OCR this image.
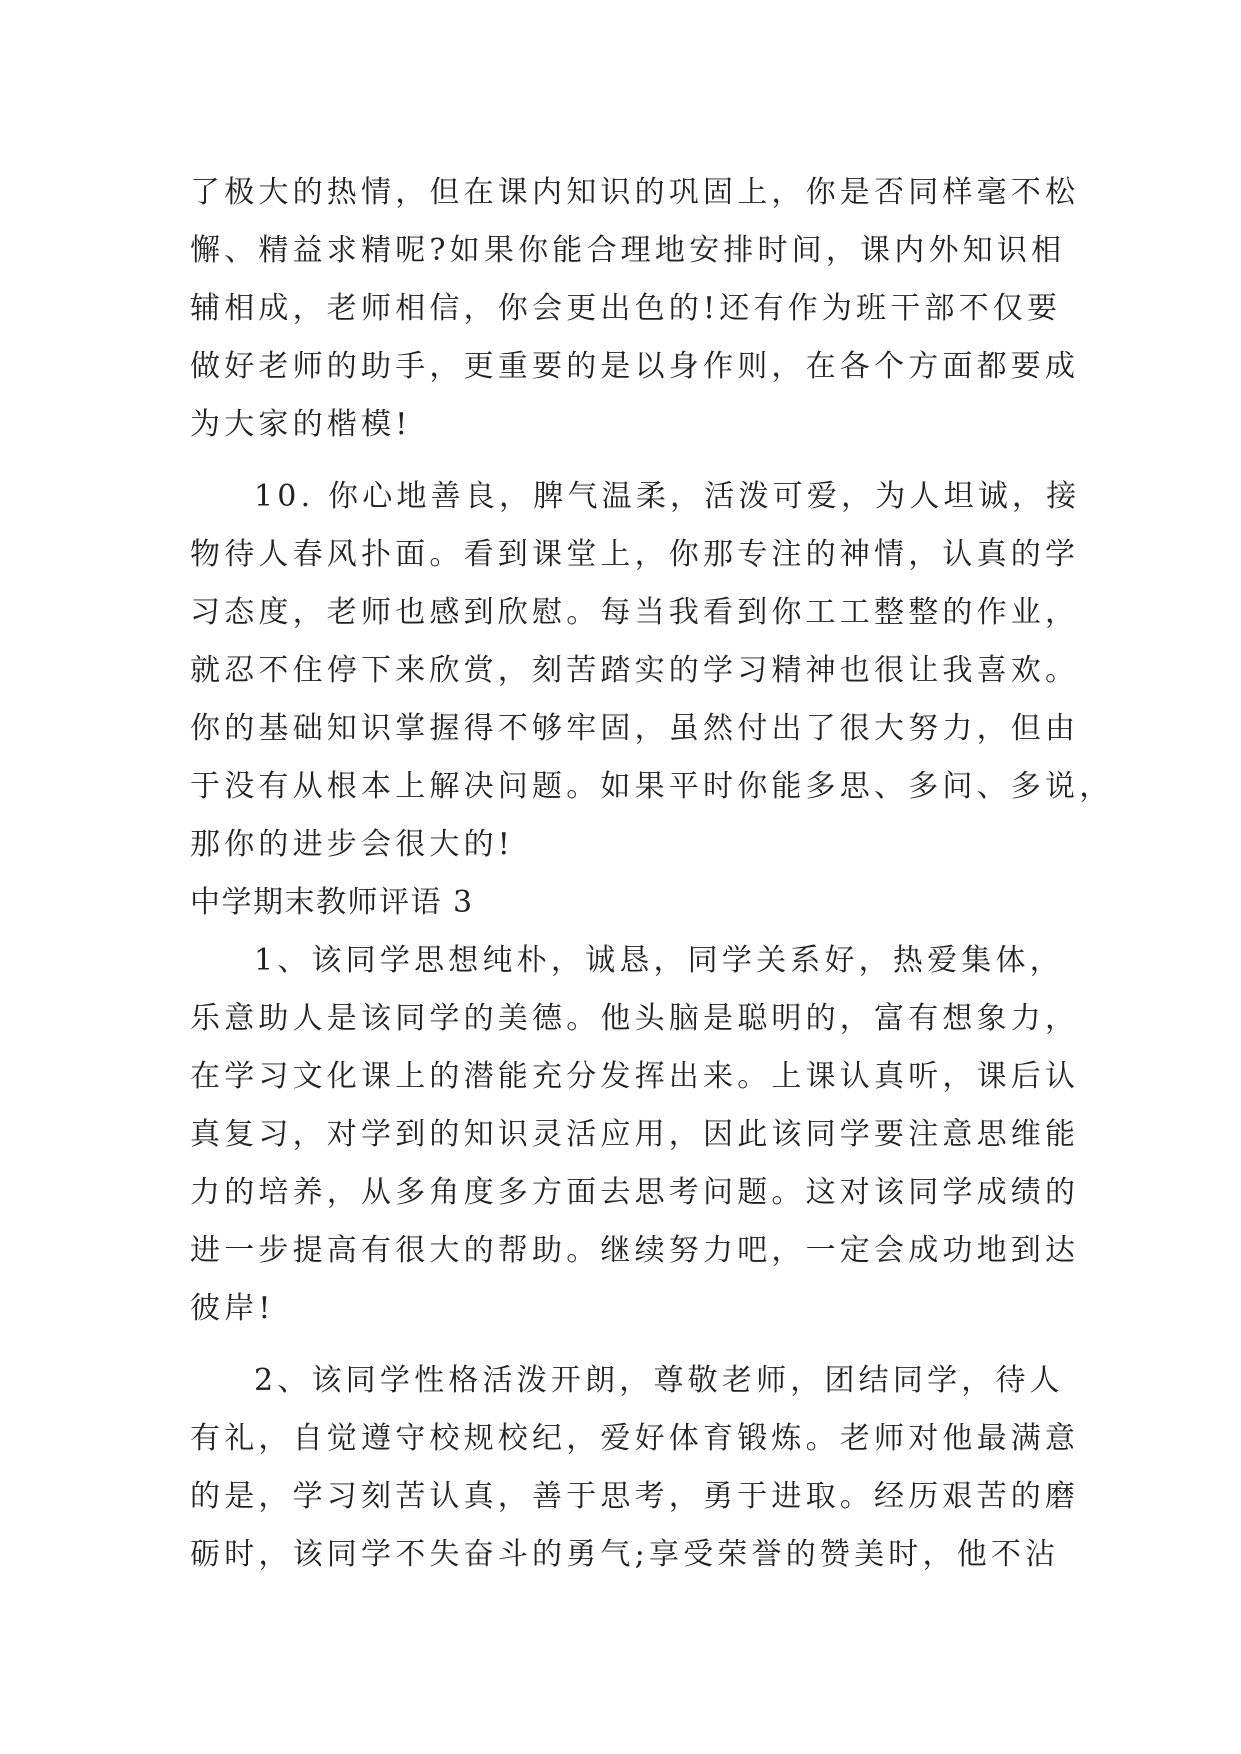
了极大的热情，但在课内知识的巩固上，你是否同样毫不松
懈、精益求精呢?如果你能合理地安排时间，课内外知识相
辅相成，老师相信，你会更出色的!还有作为班干部不仅要
做好老师的助手，更重要的是以身作则，在各个方面都要成
为大家的楷模!
10. 你心地善良，脾气温柔，活泼可爱，为人坦诚，接
物待人春风扑面。看到课堂上，你那专注的神情，认真的学
习态度，老师也感到欣慰。每当我看到你工工整整的作业，
就忍不住停下来欣赏，刻苦踏实的学习精神也很让我喜欢。
你的基础知识掌握得不够牢固，虽然付出了很大努力，但由
于没有从根本上解决问题。如果平时你能多思、多问、多说，
那你的进步会很大的!
中学期末教师评语 3
1、该同学思想纯朴，诚恳，同学关系好，热爱集体，
乐意助人是该同学的美德。他头脑是聪明的，富有想象力，
在学习文化课上的潜能充分发挥出来。上课认真听，课后认
真复习，对学到的知识灵活应用，因此该同学要注意思维能
力的培养，从多角度多方面去思考问题。这对该同学成绩的
进一步提高有很大的帮助。继续努力吧，一定会成功地到达
彼岸!
2、该同学性格活泼开朗，尊敬老师，团结同学，待人
有礼，自觉遵守校规校纪，爱好体育锻炼。老师对他最满意
的是，学习刻苦认真，善于思考，勇于进取。经历艰苦的磨
砺时，该同学不失奋斗的勇气;享受荣誉的赞美时，他不沾
